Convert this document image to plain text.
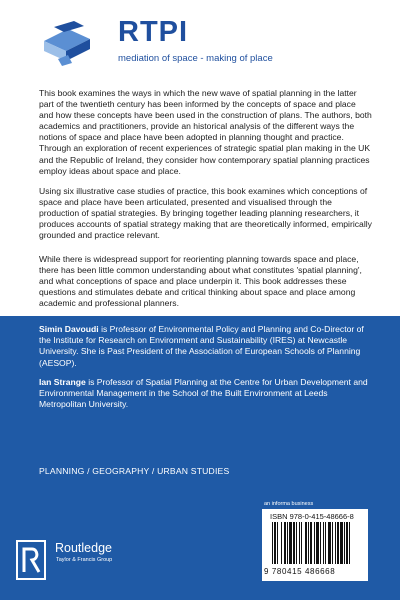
RTPI
mediation of space - making of place

This book examines the ways in which the new wave of spatial planning in the latter part of the twentieth century has been informed by the concepts of space and place and how these concepts have been used in the construction of plans. The authors, both academics and practitioners, provide an historical analysis of the different ways the notions of space and place have been adopted in planning thought and practice. Through an exploration of recent experiences of strategic spatial plan making in the UK and the Republic of Ireland, they consider how contemporary spatial planning practices employ ideas about space and place.

Using six illustrative case studies of practice, this book examines which conceptions of space and place have been articulated, presented and visualised through the production of spatial strategies. By bringing together leading planning researchers, it produces accounts of spatial strategy making that are theoretically informed, empirically grounded and practice relevant.

While there is widespread support for reorienting planning towards space and place, there has been little common understanding about what constitutes 'spatial planning', and what conceptions of space and place underpin it. This book addresses these questions and stimulates debate and critical thinking about space and place among academic and professional planners.

Simin Davoudi is Professor of Environmental Policy and Planning and Co-Director of the Institute for Research on Environment and Sustainability (IRES) at Newcastle University. She is Past President of the Association of European Schools of Planning (AESOP).

Ian Strange is Professor of Spatial Planning at the Centre for Urban Development and Environmental Management in the School of the Built Environment at Leeds Metropolitan University.

PLANNING / GEOGRAPHY / URBAN STUDIES

Routledge
Taylor & Francis Group
an informa business
ISBN 978-0-415-48666-8
9 780415 486668
